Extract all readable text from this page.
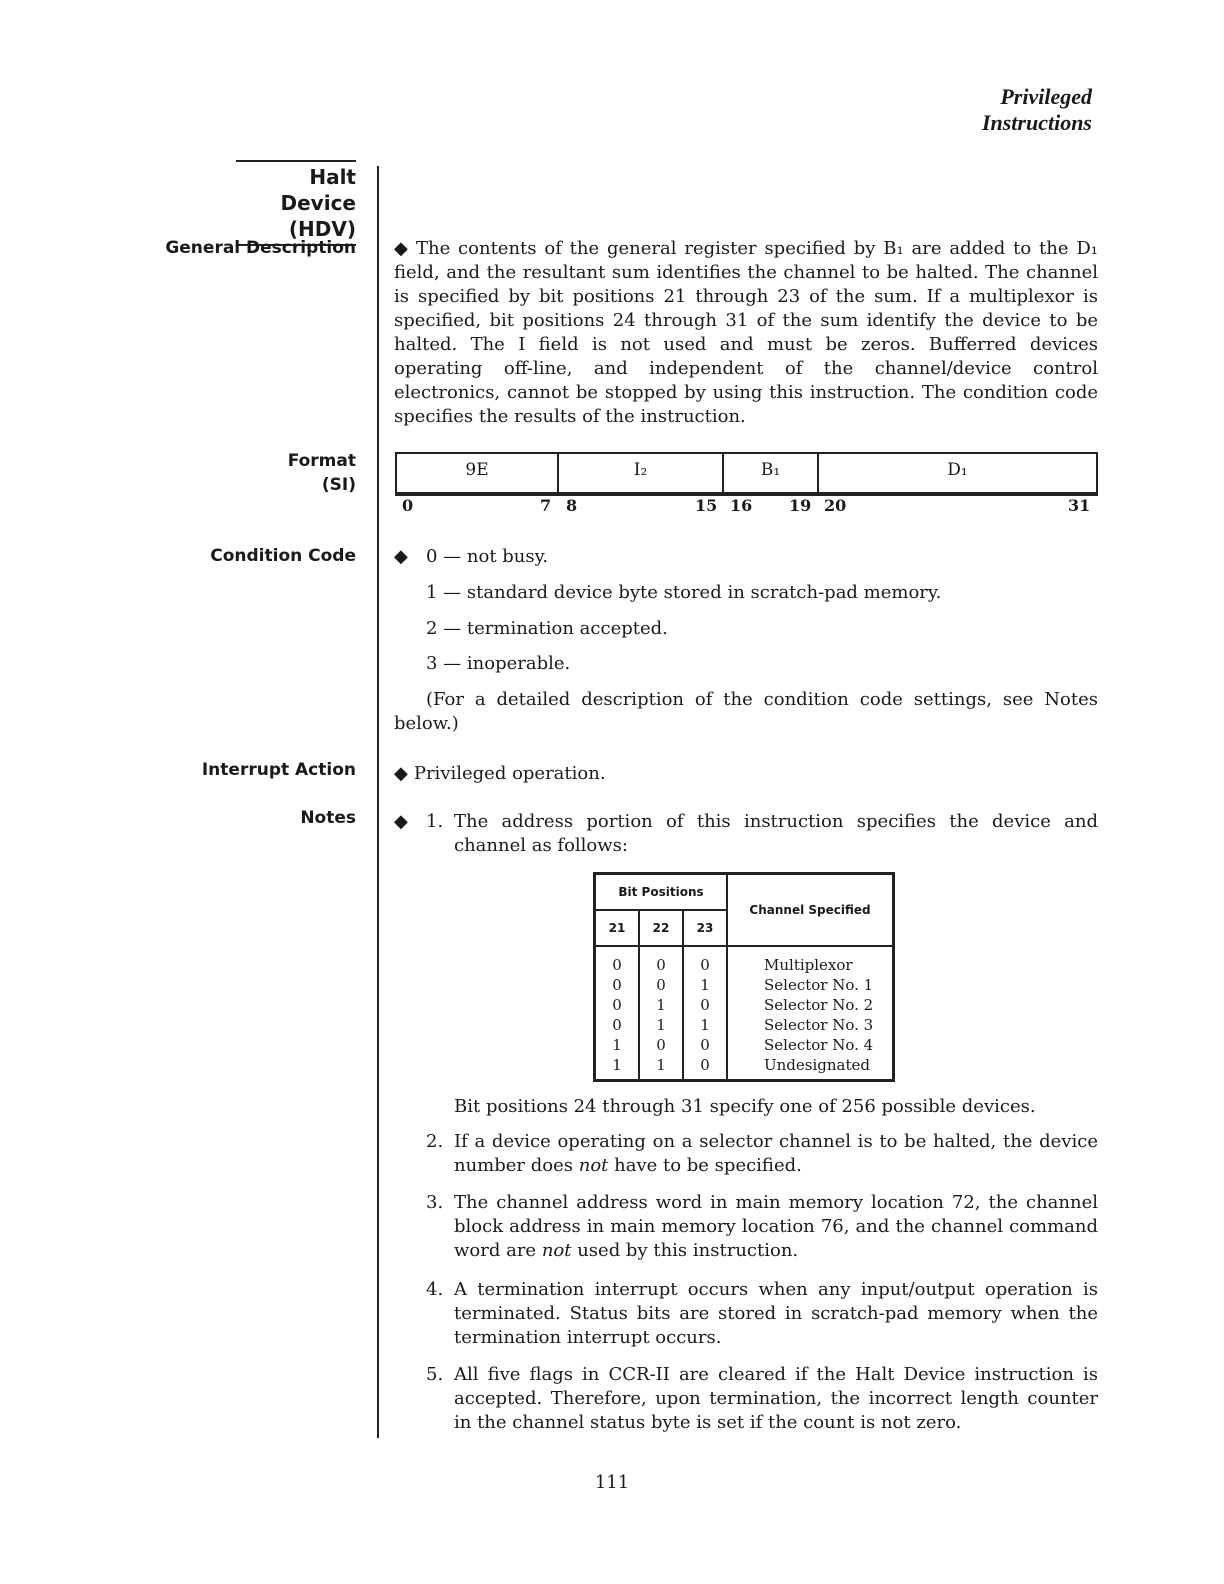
Privileged
Instructions
Halt Device
(HDV)
General Description
Format
(SI)
Condition Code
Interrupt Action
Notes
◆ The contents of the general register specified by B₁ are added to the D₁ field, and the resultant sum identifies the channel to be halted. The channel is specified by bit positions 21 through 23 of the sum. If a multiplexor is specified, bit positions 24 through 31 of the sum identify the device to be halted. The I field is not used and must be zeros. Bufferred devices operating off-line, and independent of the channel/device control electronics, cannot be stopped by using this instruction. The condition code specifies the results of the instruction.
9E	I₂	B₁	D₁
0	7 8	15 16 19 20	31
◆	0 — not busy.
1 — standard device byte stored in scratch-pad memory.
2 — termination accepted.
3 — inoperable.
(For a detailed description of the condition code settings, see Notes below.)
◆ Privileged operation.
◆	1. The address portion of this instruction specifies the device and channel as follows:
Bit Positions			Channel Specified
21	22	23	
0	0	0	Multiplexor
0	0	1	Selector No. 1
0	1	0	Selector No. 2
0	1	1	Selector No. 3
1	0	0	Selector No. 4
1	1	0	Undesignated
Bit positions 24 through 31 specify one of 256 possible devices.
2. If a device operating on a selector channel is to be halted, the device number does not have to be specified.
3. The channel address word in main memory location 72, the channel block address in main memory location 76, and the channel command word are not used by this instruction.
4. A termination interrupt occurs when any input/output operation is terminated. Status bits are stored in scratch-pad memory when the termination interrupt occurs.
5. All five flags in CCR-II are cleared if the Halt Device instruction is accepted. Therefore, upon termination, the incorrect length counter in the channel status byte is set if the count is not zero.
111
